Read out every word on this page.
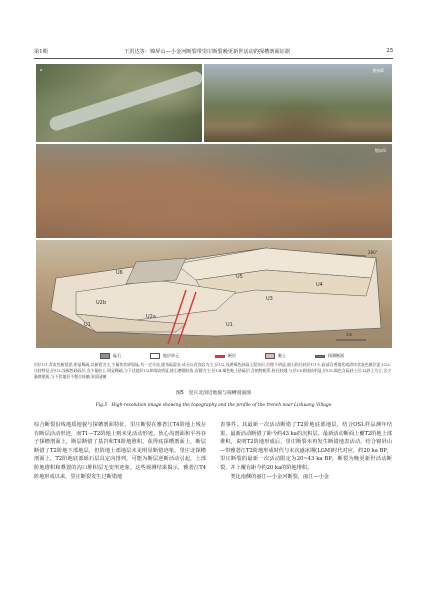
第1期	王洪达等：锦屏山—小金河断裂带里庄断裂晚更新世活动的探槽剖面证据	25
a	镜向E
镜向S
U6
U5
U4
U3
U2b
U2a
U1	U1
280°
1m
砾石	地层单元	断层	黏土	探测断面
层位U1,青灰色断裂泥,明显稀疏,以断裂为主,少量块状碎屑砾,有一定分选,棱角砾混杂,成分以花岗岩为主;层U2,浅黄褐色砂砾土混杂层,层理不明显,棱石粒径较层U1小,砾部含透镜状或团块状灰色断层泥;U2c,比较特征;层U3,浅褐色砂砾层,含少量粒土,明显稀疏,与下伏地层U2界线较明显,棱石磨圆较角,次圆为主;层U4,褐色粘土砂砾层,含植物根系,粒径较细,与层U5界线较明显;层U5,褐色含砾砂土层,以砂土为主,含少量腐殖质,与下伏地层不整合接触,界面清晰
图5　里庄北剖近地貌与探槽剖面图
Fig.5　High-resolution image showing the topography and the profile of the trench near Lizhuang Village
综合断裂沿线地质地貌与探槽剖面特征，里庄断裂在雅砻江T4阶地上残存有断层活动形迹，而T1—T2阶地上则未见活动形迹。狄心沟剖面和平谷谷子探槽剖面上，断层断错了基岩和T4阶地堆积，获得底探槽剖面上，断层断错了T2阶地下部地层，但阶地上部地层未见明显断错迹象。里庄北探槽剖面上，T2阶地底部砾石层具定向排列，可能为断层逆断活动引起，上部阶地堆积和叠置的沟口堆积层无变形迹象。这些观测结果揭示，雅砻江T4阶地形成以来，里庄断裂发生过断错地
表事件，其最新一次活动断错了T2阶地底部地层，结合OSL样品测年结果，最新活动断错了距今约43 ka的沉积层，最新活动断面上覆T2阶地上部堆积，说明T2阶地形成后，里庄断裂未再发生断错地表活动。结合锦屏山—带雅砻江T2阶地形成时代与末次盛冰期(LGM)时代对应，约20 ka BP，里庄断裂的最新一次活动限定为20~43 ka BP，断裂为晚更新世活动断裂，并上覆有距今约20 ka的阶地堆积。
　　类比南侧的丽江—小金河断裂，丽江—小金
